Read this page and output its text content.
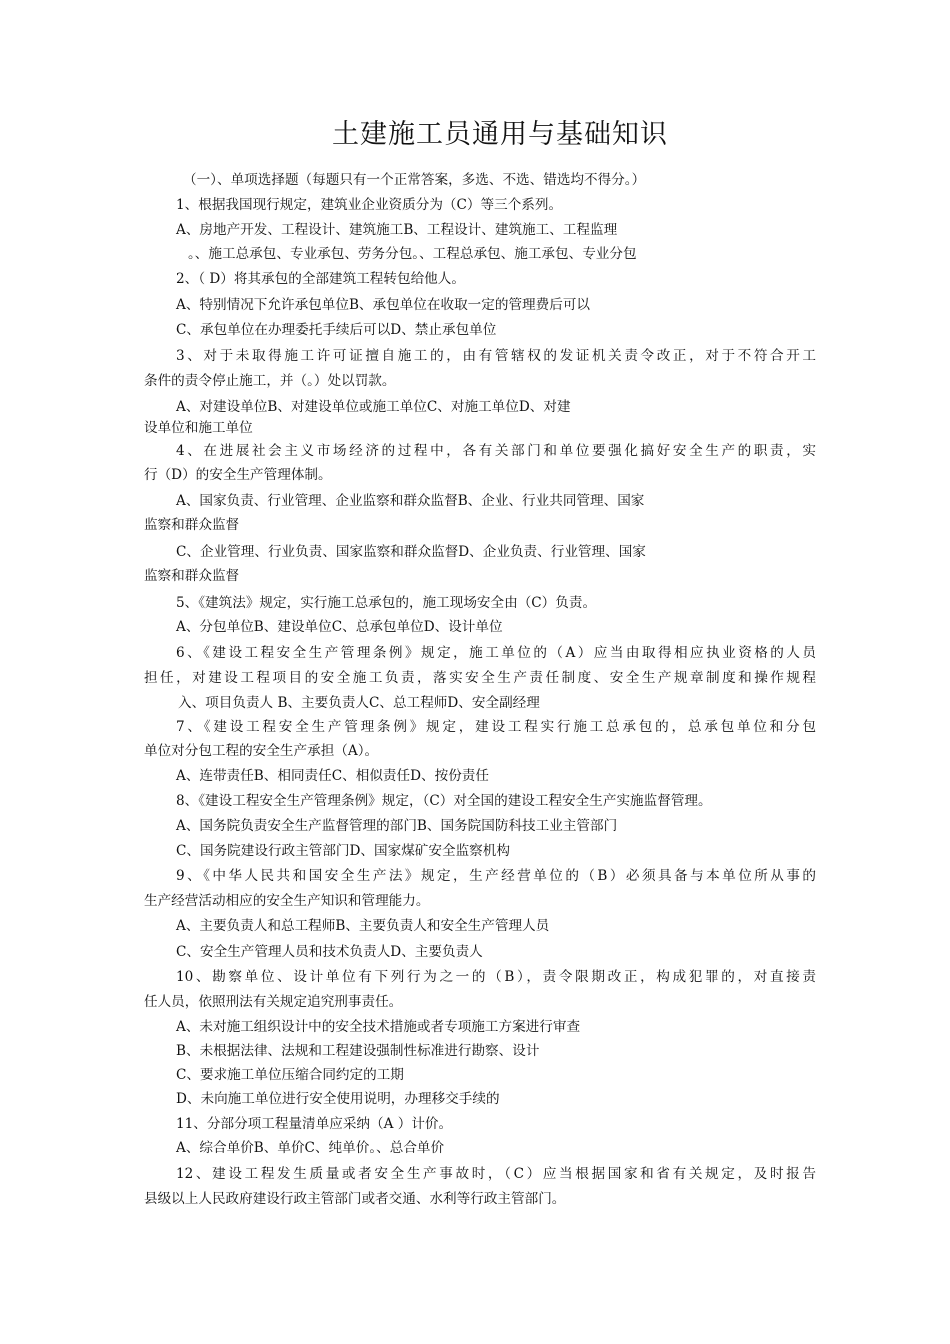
土建施工员通用与基础知识
（一）、单项选择题（每题只有一个正常答案，多选、不选、错选均不得分。）
1、根据我国现行规定，建筑业企业资质分为（C）等三个系列。
A、房地产开发、工程设计、建筑施工B、工程设计、建筑施工、工程监理
。、施工总承包、专业承包、劳务分包。、工程总承包、施工承包、专业分包
2、（ D）将其承包的全部建筑工程转包给他人。
A、特别情况下允许承包单位B、承包单位在收取一定的管理费后可以
C、承包单位在办理委托手续后可以D、禁止承包单位
3、对于未取得施工许可证擅自施工的，由有管辖权的发证机关责令改正，对于不符合开工
条件的责令停止施工，并（。）处以罚款。
A、对建设单位B、对建设单位或施工单位C、对施工单位D、对建
设单位和施工单位
4、在进展社会主义市场经济的过程中，各有关部门和单位要强化搞好安全生产的职责，实
行（D）的安全生产管理体制。
A、国家负责、行业管理、企业监察和群众监督B、企业、行业共同管理、国家
监察和群众监督
C、企业管理、行业负责、国家监察和群众监督D、企业负责、行业管理、国家
监察和群众监督
5、《建筑法》规定，实行施工总承包的，施工现场安全由（C）负责。
A、分包单位B、建设单位C、总承包单位D、设计单位
6、《建设工程安全生产管理条例》规定，施工单位的（A）应当由取得相应执业资格的人员
担任，对建设工程项目的安全施工负责，落实安全生产责任制度、安全生产规章制度和操作规程
入、项目负责人 B、主要负责人C、总工程师D、安全副经理
7、《建设工程安全生产管理条例》规定，建设工程实行施工总承包的，总承包单位和分包
单位对分包工程的安全生产承担（A）。
A、连带责任B、相同责任C、相似责任D、按份责任
8、《建设工程安全生产管理条例》规定，（C）对全国的建设工程安全生产实施监督管理。
A、国务院负责安全生产监督管理的部门B、国务院国防科技工业主管部门
C、国务院建设行政主管部门D、国家煤矿安全监察机构
9、《中华人民共和国安全生产法》规定，生产经营单位的（B）必须具备与本单位所从事的
生产经营活动相应的安全生产知识和管理能力。
A、主要负责人和总工程师B、主要负责人和安全生产管理人员
C、安全生产管理人员和技术负责人D、主要负责人
10、勘察单位、设计单位有下列行为之一的（B），责令限期改正，构成犯罪的，对直接责
任人员，依照刑法有关规定追究刑事责任。
A、未对施工组织设计中的安全技术措施或者专项施工方案进行审查
B、未根据法律、法规和工程建设强制性标准进行勘察、设计
C、要求施工单位压缩合同约定的工期
D、未向施工单位进行安全使用说明，办理移交手续的
11、分部分项工程量清单应采纳（A ）计价。
A、综合单价B、单价C、纯单价。、总合单价
12、建设工程发生质量或者安全生产事故时，（C）应当根据国家和省有关规定，及时报告
县级以上人民政府建设行政主管部门或者交通、水利等行政主管部门。
